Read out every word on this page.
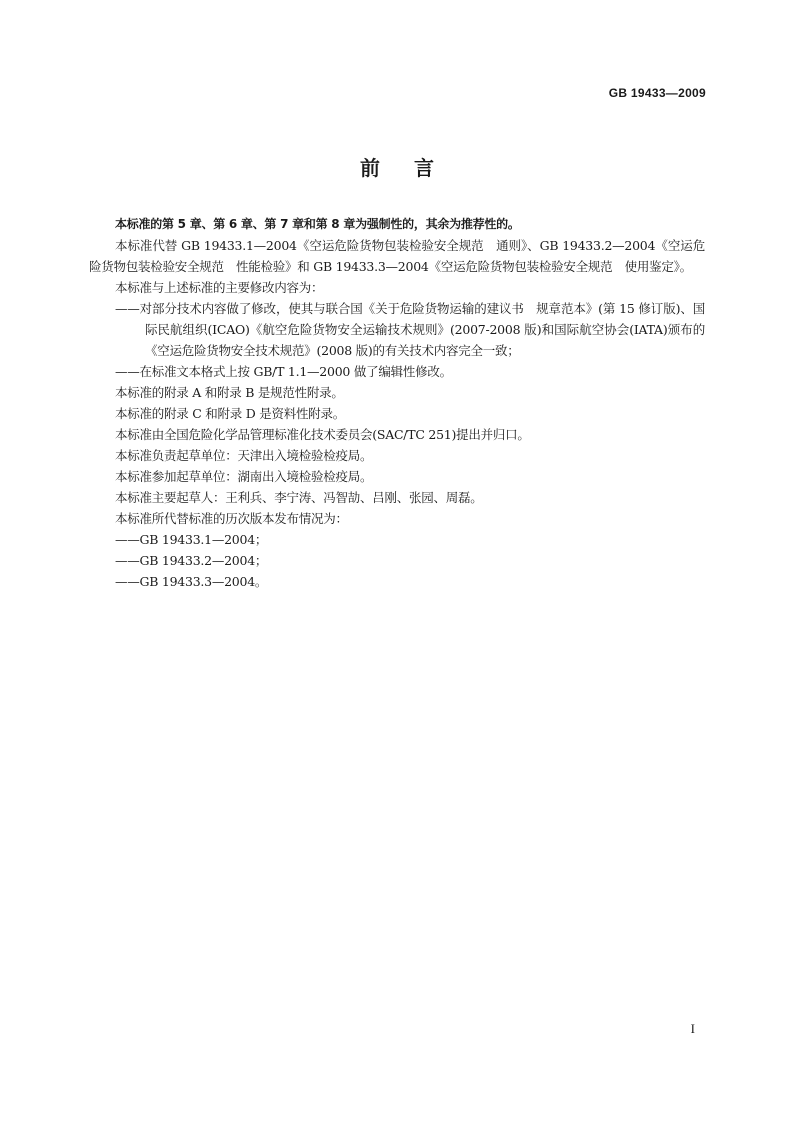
GB 19433—2009
前言

本标准的第 5 章、第 6 章、第 7 章和第 8 章为强制性的，其余为推荐性的。

本标准代替 GB 19433.1—2004《空运危险货物包装检验安全规范　通则》、GB 19433.2—2004《空运危险货物包装检验安全规范　性能检验》和 GB 19433.3—2004《空运危险货物包装检验安全规范　使用鉴定》。

本标准与上述标准的主要修改内容为：

——对部分技术内容做了修改，使其与联合国《关于危险货物运输的建议书　规章范本》(第 15 修订版)、国际民航组织(ICAO)《航空危险货物安全运输技术规则》(2007-2008 版)和国际航空协会(IATA)颁布的《空运危险货物安全技术规范》(2008 版)的有关技术内容完全一致；

——在标准文本格式上按 GB/T 1.1—2000 做了编辑性修改。

本标准的附录 A 和附录 B 是规范性附录。

本标准的附录 C 和附录 D 是资料性附录。

本标准由全国危险化学品管理标准化技术委员会(SAC/TC 251)提出并归口。

本标准负责起草单位：天津出入境检验检疫局。

本标准参加起草单位：湖南出入境检验检疫局。

本标准主要起草人：王利兵、李宁涛、冯智劼、吕刚、张园、周磊。

本标准所代替标准的历次版本发布情况为：

——GB 19433.1—2004；

——GB 19433.2—2004；

——GB 19433.3—2004。

I
